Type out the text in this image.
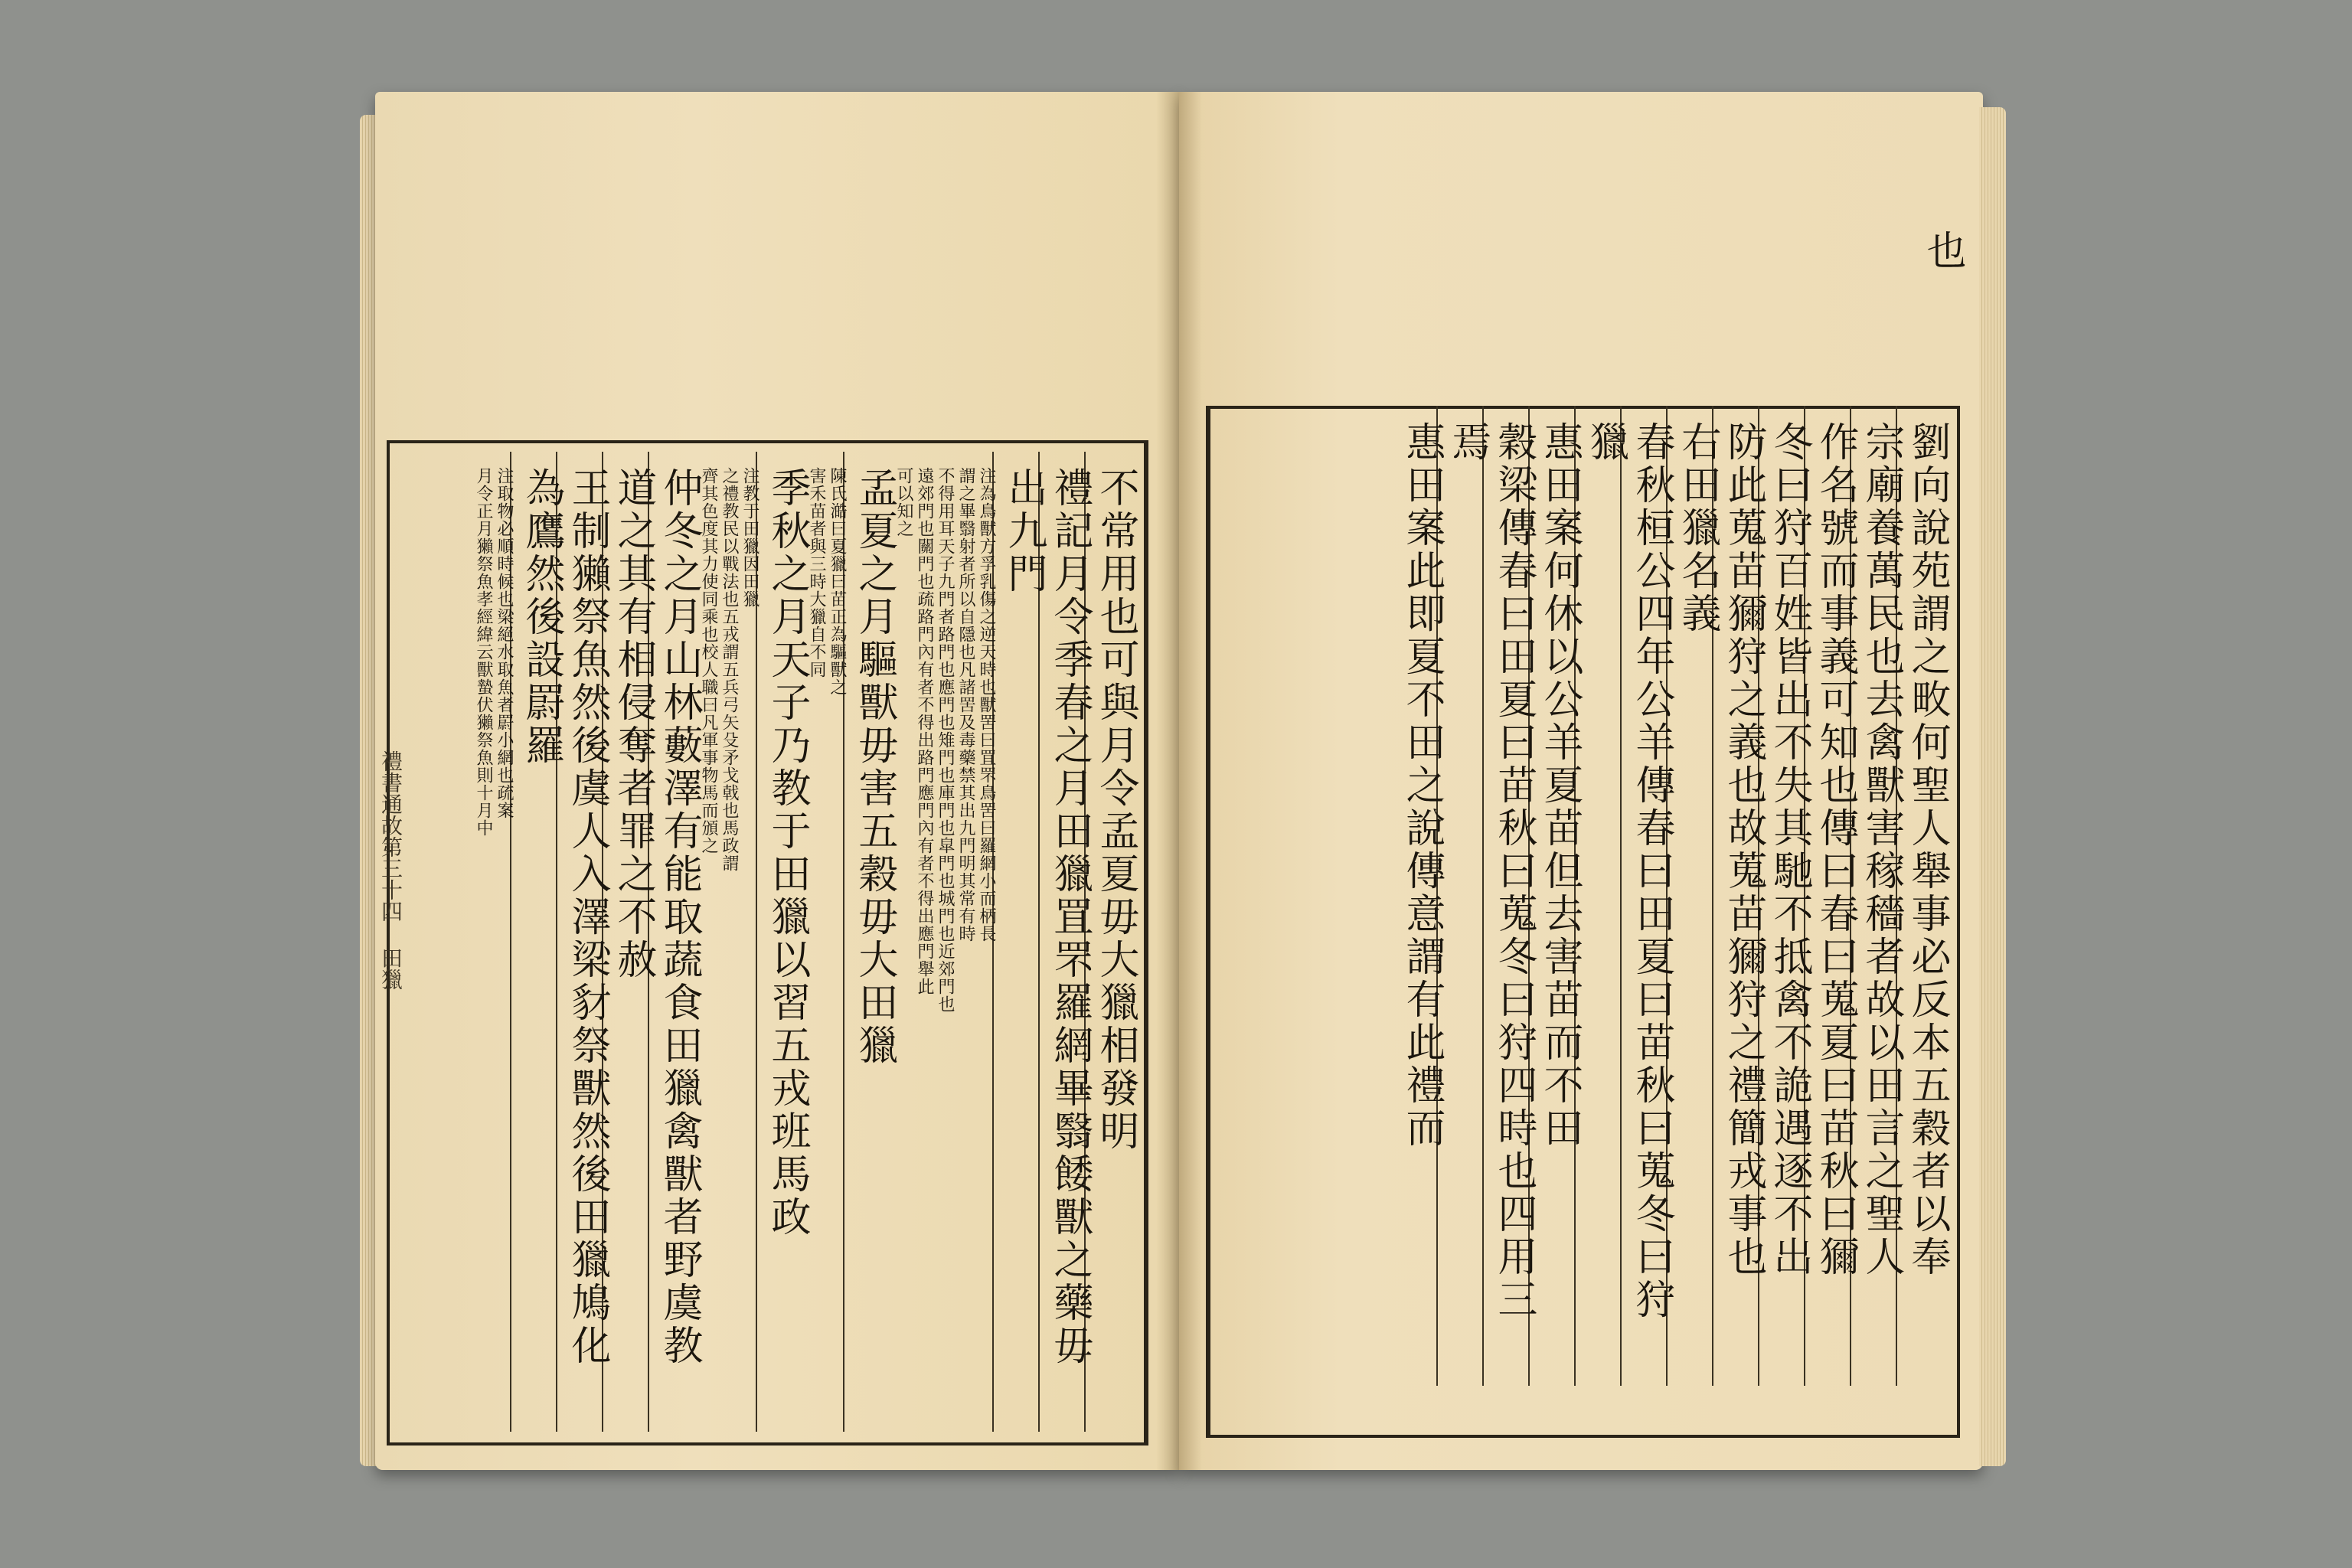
禮書通故第三十四 田獵	不常用也可與月令孟夏毋大獵相發明
禮記月令季春之月田獵罝罘羅網畢翳餧獸之藥毋
出九門
注為鳥獸方孚乳傷之逆天時也獸罟曰罝罘鳥罟曰羅網小而柄長
謂之畢翳射者所以自隱也凡諸罟及毒藥禁其出九門明其常有時
不得用耳天子九門者路門也應門也雉門也庫門也皐門也城門也近郊門也
遠郊門也關門也疏路門內有者不得出路門應門內有者不得出應門舉此
可以知之
孟夏之月驅獸毋害五穀毋大田獵
陳氏澔曰夏獵曰苗正為驅獸之
害禾苗者與三時大獵自不同
季秋之月天子乃教于田獵以習五戎班馬政
注教于田獵因田獵
之禮教民以戰法也五戎謂五兵弓矢殳矛戈戟也馬政謂
齊其色度其力使同乘也校人職曰凡軍事物馬而頒之
仲冬之月山林藪澤有能取蔬食田獵禽獸者野虞教
道之其有相侵奪者罪之不赦
王制獺祭魚然後虞人入澤梁豺祭獸然後田獵鳩化
為鷹然後設罻羅
注取物必順時候也梁絕水取魚者罻小網也疏案
月令正月獺祭魚孝經緯云獸蟄伏獺祭魚則十月中	劉向說苑謂之畋何聖人舉事必反本五穀者以奉
宗廟養萬民也去禽獸害稼穡者故以田言之聖人
作名號而事義可知也傳曰春曰蒐夏曰苗秋曰獮
冬曰狩百姓皆出不失其馳不抵禽不詭遇逐不出
防此蒐苗獮狩之義也故蒐苗獮狩之禮簡戎事也
右田獵名義
春秋桓公四年公羊傳春曰田夏曰苗秋曰蒐冬曰狩
獵
惠田案何休以公羊夏苗但去害苗而不田
穀梁傳春曰田夏曰苗秋曰蒐冬曰狩四時也四用三
焉
惠田案此即夏不田之說傳意謂有此禮而
也
